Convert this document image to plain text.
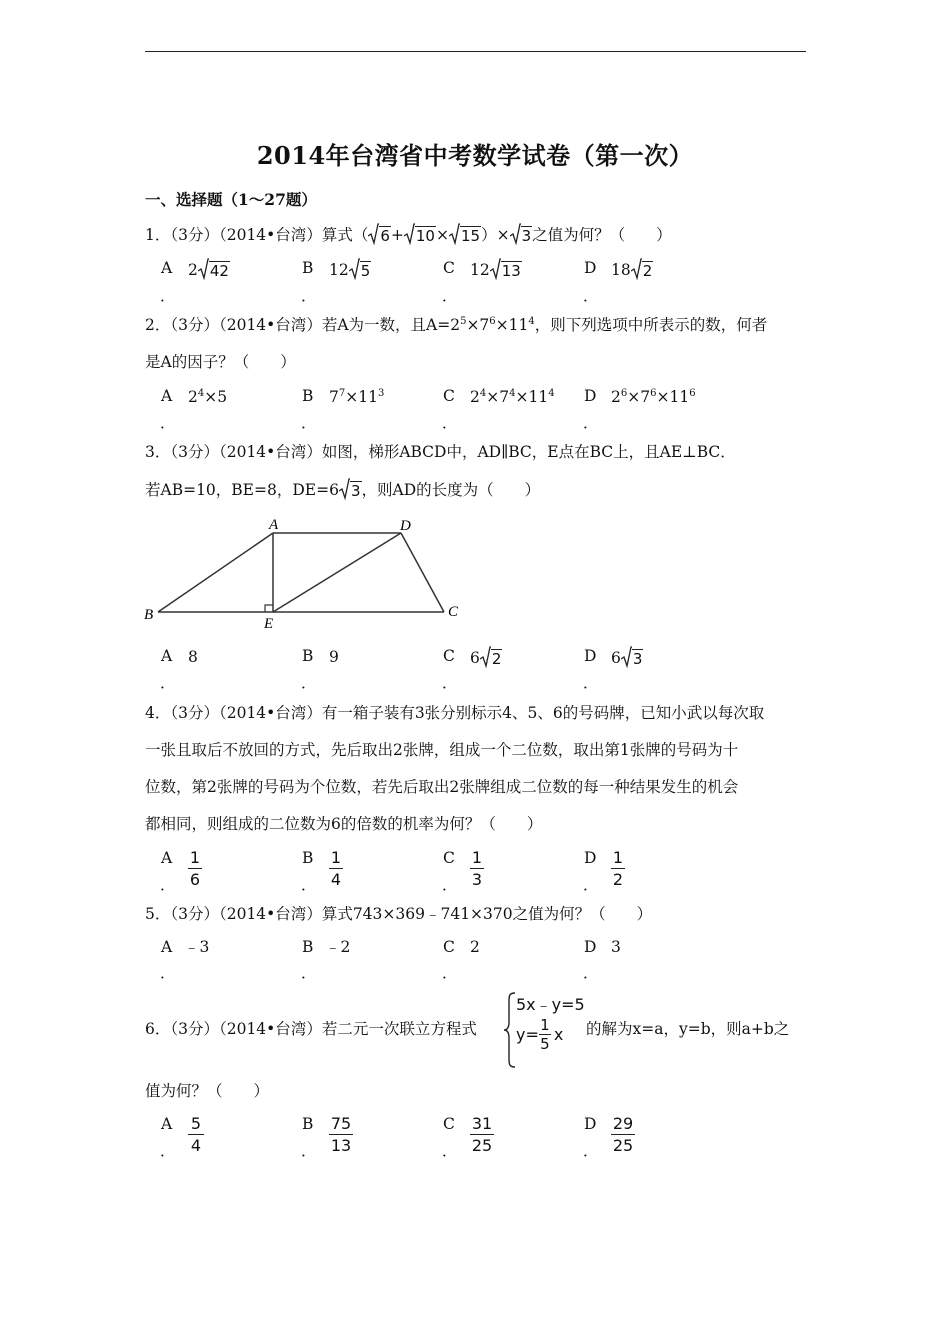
2014年台湾省中考数学试卷（第一次）
一、选择题（1～27题）
1．（3分）（2014•台湾）算式（ 6 + 10 × 15 ）× 3 之值为何？（　　）
A 2 42
．
B 12 5
．
C 12 13
．
D 18 2
．
2．（3分）（2014•台湾）若A为一数，且$A=2^5\times 7^6\times 11^4$，则下列选项中所表示的数，何者
是A的因子？（　　）
A $2^4\times 5$
．
B $7^7\times 11^3$
．
C $2^4\times 7^4\times 11^4$
．
D $2^6\times 7^6\times 11^6$
．
3．（3分）（2014•台湾）如图，梯形ABCD中，AD∥BC，E点在BC上，且AE⊥BC．
若AB=10，BE=8，DE=6 3 ，则AD的长度为（　　）
A	D
B
E
C
A 8
．
B 9
．
C 6 2
．
D 6 3
．
4．（3分）（2014•台湾）有一箱子装有3张分别标示4、5、6的号码牌，已知小武以每次取
一张且取后不放回的方式，先后取出2张牌，组成一个二位数，取出第1张牌的号码为十
位数，第2张牌的号码为个位数，若先后取出2张牌组成二位数的每一种结果发生的机会
都相同，则组成的二位数为6的倍数的机率为何？（　　）
A 1
6
．
B 1
4
．
C 1
3
．
D 1
2
．
5．（3分）（2014•台湾）算式743×369﹣741×370之值为何？（　　）
A ﹣3
．
B ﹣2
．
C 2
．
D 3
．
6．（3分）（2014•台湾）若二元一次联立方程式
5x﹣y=5
y= 1
5 x 的解为x=a，y=b，则a+b之
值为何？（　　）
A 5
4
．
B 75
13
．
C 31
25
．
D 29
25
．
